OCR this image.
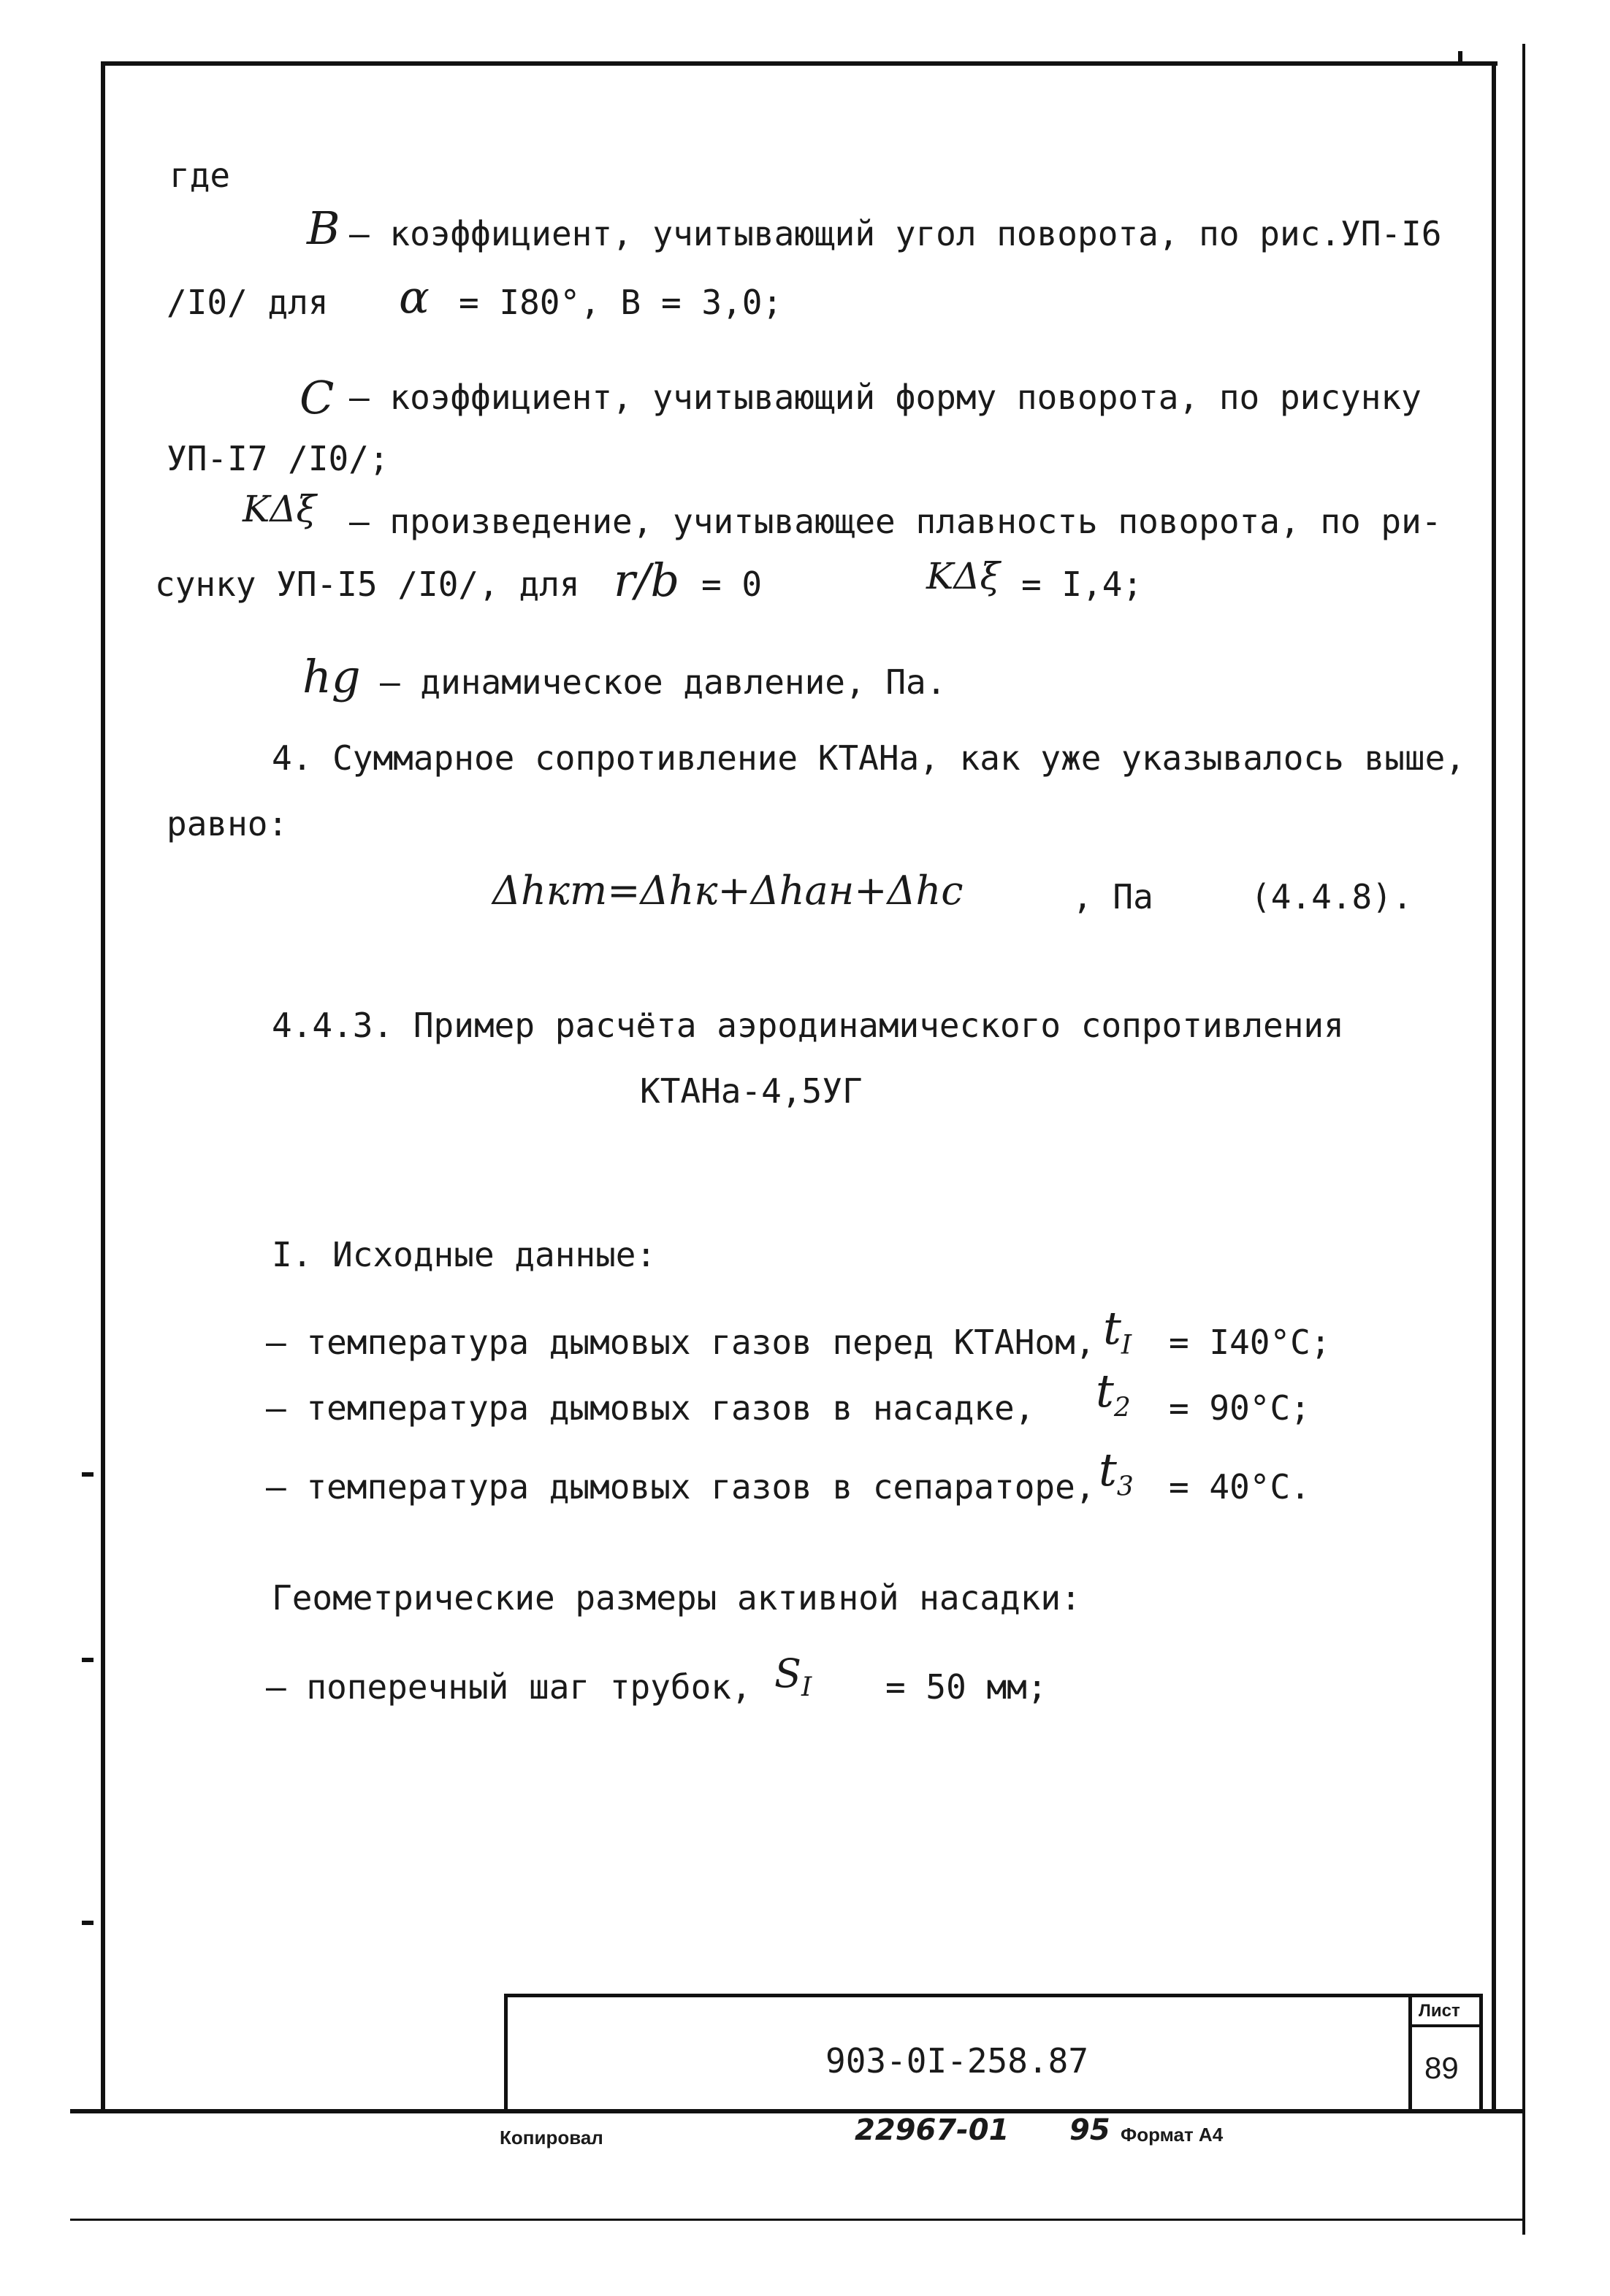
где
В – коэффициент, учитывающий угол поворота, по рис.УП-I6
/I0/ для α = I80°, В = 3,0;
С – коэффициент, учитывающий форму поворота, по рисунку
УП-I7 /I0/;
KΔξ – произведение, учитывающее плавность поворота, по ри-
сунку УП-I5 /I0/, для r/b = 0	KΔξ = I,4;
hg – динамическое давление, Па.
4. Суммарное сопротивление КТАНа, как уже указывалось выше,
равно:
Δhкт=Δhк+Δhан+Δhс	, Па	(4.4.8).
4.4.3. Пример расчёта аэродинамического сопротивления
КТАНа-4,5УГ
I. Исходные данные:
– температура дымовых газов перед КТАНом, $t_I = I40^\circ C$;
– температура дымовых газов в насадке, $t_2 = 90^\circ C$;
– температура дымовых газов в сепараторе, $t_3 = 40^\circ C$.
Геометрические размеры активной насадки:
– поперечный шаг трубок, $S_I = 50$ мм;
903-0I-258.87
Лист
89
Копировал	22967-01 95 Формат А4
